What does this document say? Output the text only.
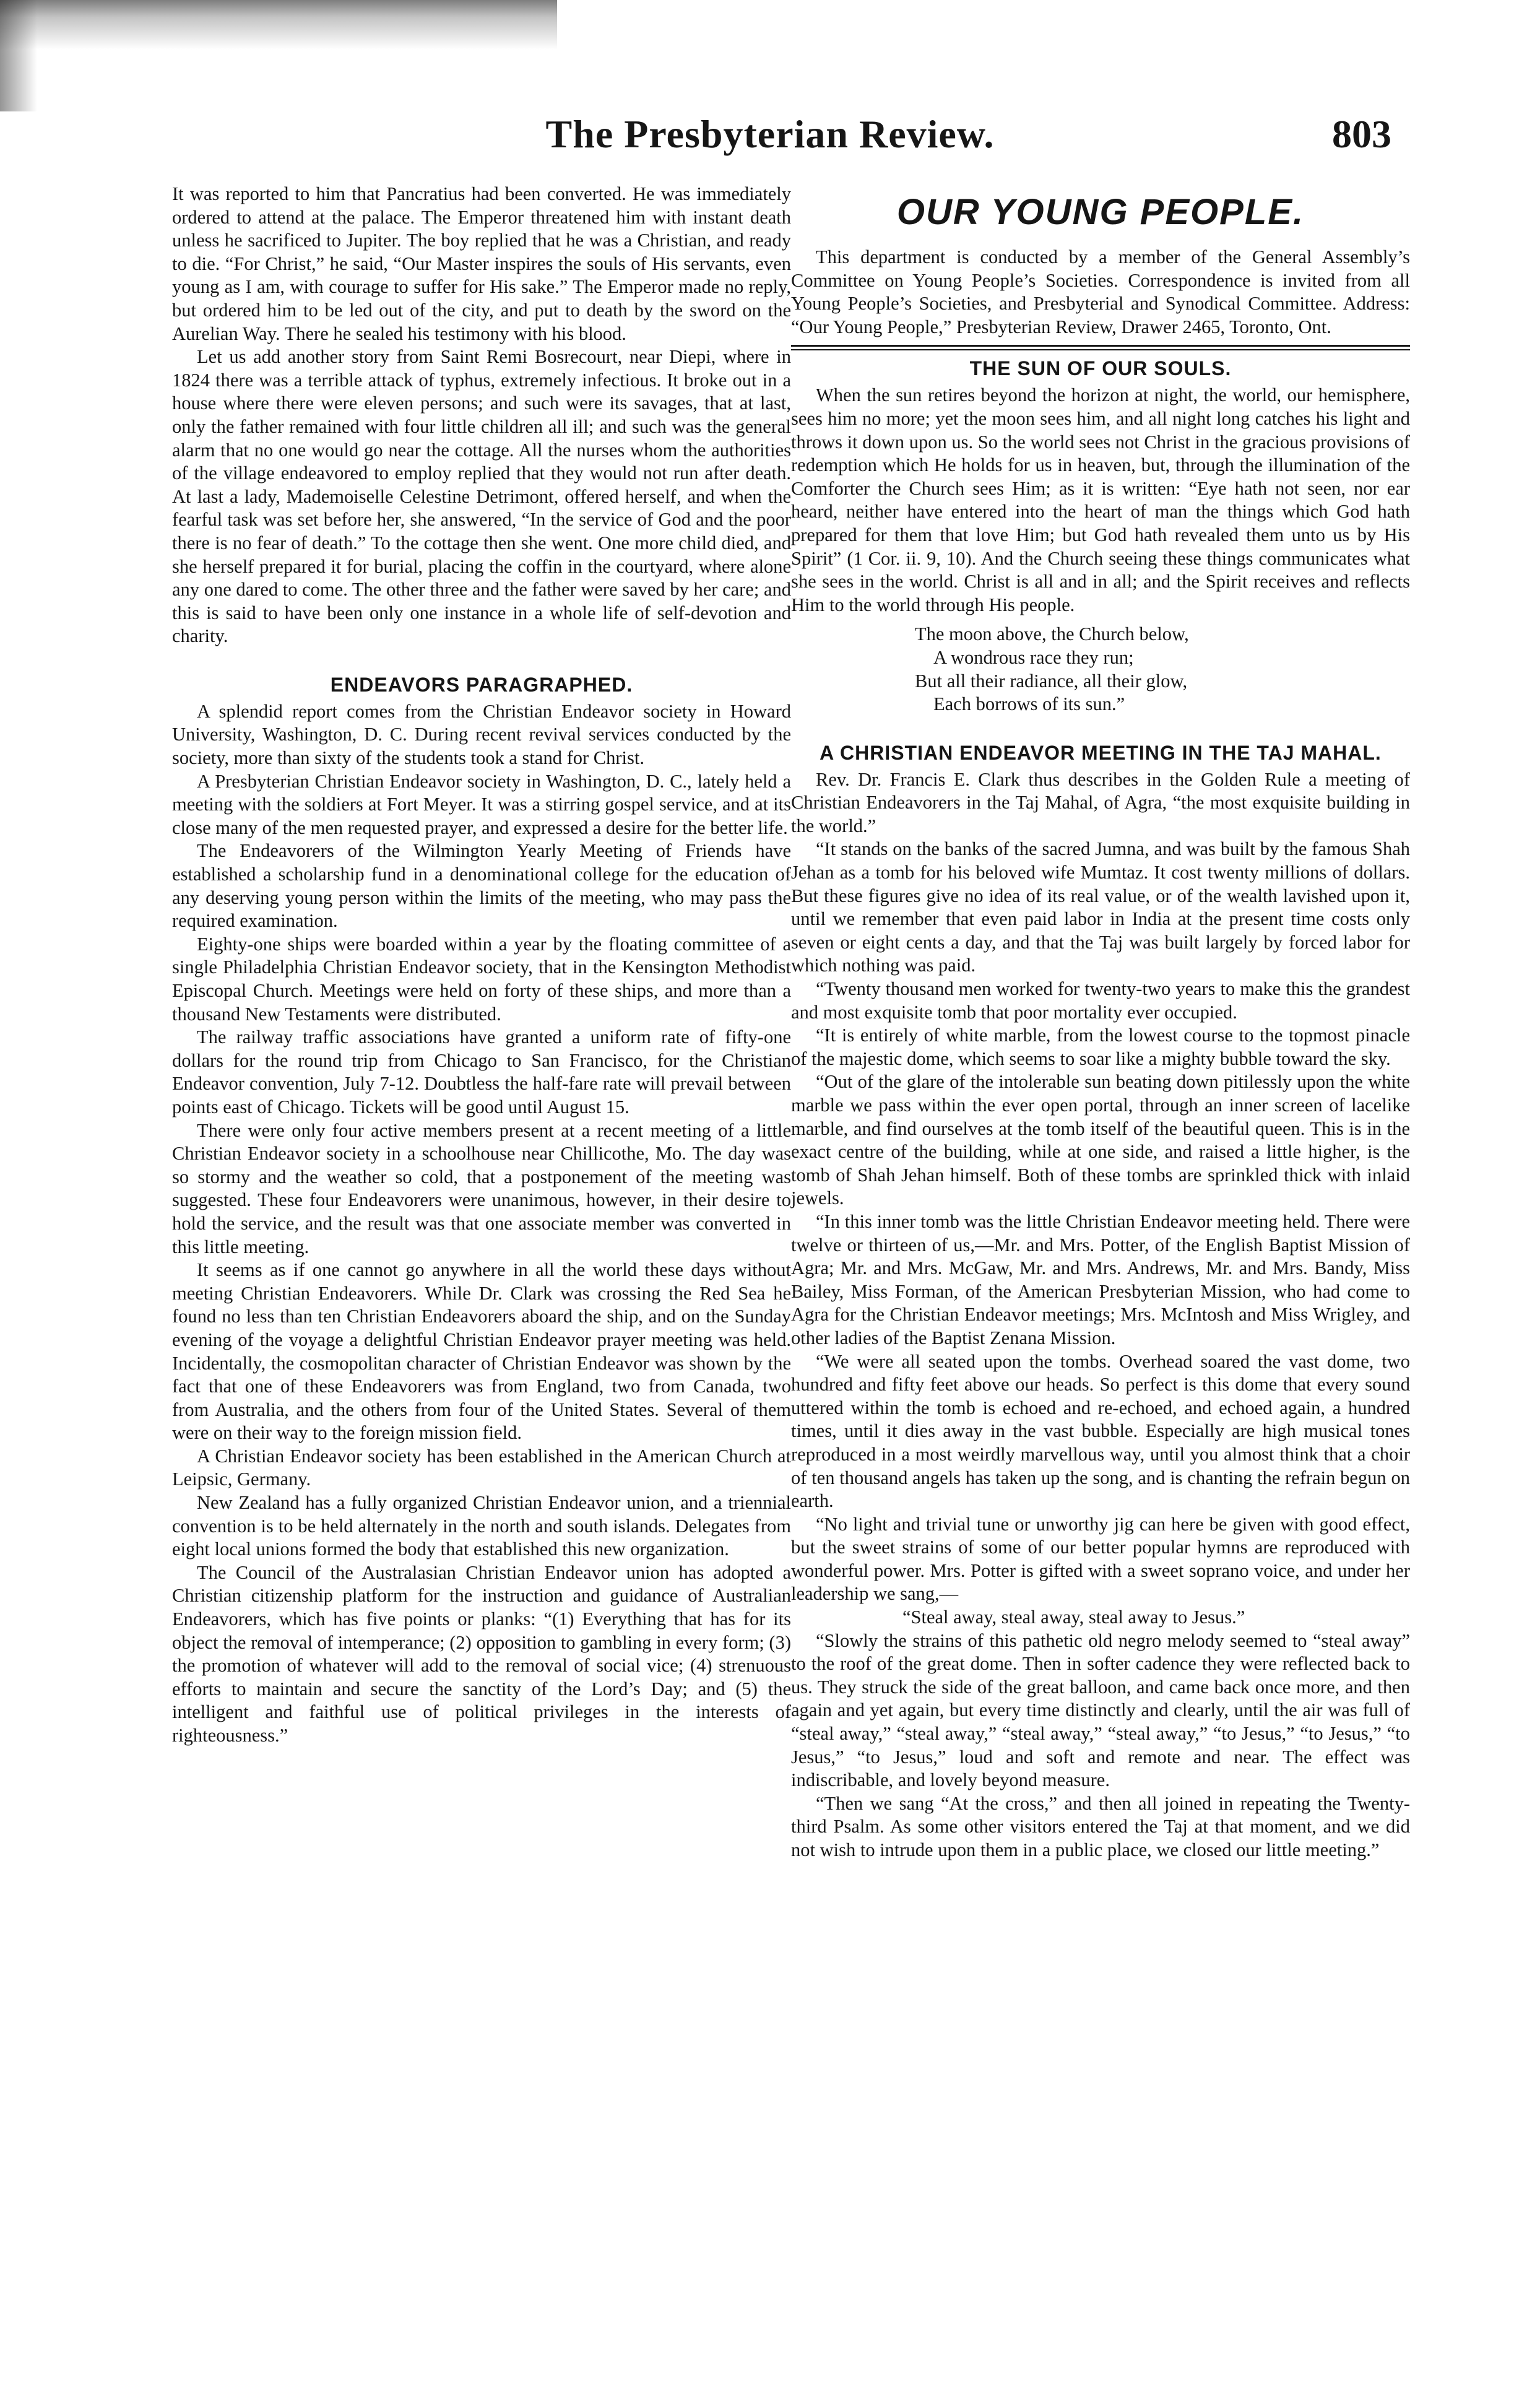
The Presbyterian Review.	803

It was reported to him that Pancratius had been converted. He was immediately ordered to attend at the palace. The Emperor threatened him with instant death unless he sacrificed to Jupiter. The boy replied that he was a Christian, and ready to die. “For Christ,” he said, “Our Master inspires the souls of His servants, even young as I am, with courage to suffer for His sake.” The Emperor made no reply, but ordered him to be led out of the city, and put to death by the sword on the Aurelian Way. There he sealed his testimony with his blood.

Let us add another story from Saint Remi Bosrecourt, near Diepi, where in 1824 there was a terrible attack of typhus, extremely infectious. It broke out in a house where there were eleven persons; and such were its savages, that at last, only the father remained with four little children all ill; and such was the general alarm that no one would go near the cottage. All the nurses whom the authorities of the village endeavored to employ replied that they would not run after death. At last a lady, Mademoiselle Celestine Detrimont, offered herself, and when the fearful task was set before her, she answered, “In the service of God and the poor there is no fear of death.” To the cottage then she went. One more child died, and she herself prepared it for burial, placing the coffin in the courtyard, where alone any one dared to come. The other three and the father were saved by her care; and this is said to have been only one instance in a whole life of self-devotion and charity.

ENDEAVORS PARAGRAPHED.

A splendid report comes from the Christian Endeavor society in Howard University, Washington, D. C. During recent revival services conducted by the society, more than sixty of the students took a stand for Christ.

A Presbyterian Christian Endeavor society in Washington, D. C., lately held a meeting with the soldiers at Fort Meyer. It was a stirring gospel service, and at its close many of the men requested prayer, and expressed a desire for the better life.

The Endeavorers of the Wilmington Yearly Meeting of Friends have established a scholarship fund in a denominational college for the education of any deserving young person within the limits of the meeting, who may pass the required examination.

Eighty-one ships were boarded within a year by the floating committee of a single Philadelphia Christian Endeavor society, that in the Kensington Methodist Episcopal Church. Meetings were held on forty of these ships, and more than a thousand New Testaments were distributed.

The railway traffic associations have granted a uniform rate of fifty-one dollars for the round trip from Chicago to San Francisco, for the Christian Endeavor convention, July 7-12. Doubtless the half-fare rate will prevail between points east of Chicago. Tickets will be good until August 15.

There were only four active members present at a recent meeting of a little Christian Endeavor society in a schoolhouse near Chillicothe, Mo. The day was so stormy and the weather so cold, that a postponement of the meeting was suggested. These four Endeavorers were unanimous, however, in their desire to hold the service, and the result was that one associate member was converted in this little meeting.

It seems as if one cannot go anywhere in all the world these days without meeting Christian Endeavorers. While Dr. Clark was crossing the Red Sea he found no less than ten Christian Endeavorers aboard the ship, and on the Sunday evening of the voyage a delightful Christian Endeavor prayer meeting was held. Incidentally, the cosmopolitan character of Christian Endeavor was shown by the fact that one of these Endeavorers was from England, two from Canada, two from Australia, and the others from four of the United States. Several of them were on their way to the foreign mission field.

A Christian Endeavor society has been established in the American Church at Leipsic, Germany.

New Zealand has a fully organized Christian Endeavor union, and a triennial convention is to be held alternately in the north and south islands. Delegates from eight local unions formed the body that established this new organization.

The Council of the Australasian Christian Endeavor union has adopted a Christian citizenship platform for the instruction and guidance of Australian Endeavorers, which has five points or planks: “(1) Everything that has for its object the removal of intemperance; (2) opposition to gambling in every form; (3) the promotion of whatever will add to the removal of social vice; (4) strenuous efforts to maintain and secure the sanctity of the Lord’s Day; and (5) the intelligent and faithful use of political privileges in the interests of righteousness.”

OUR YOUNG PEOPLE.

This department is conducted by a member of the General Assembly’s Committee on Young People’s Societies. Correspondence is invited from all Young People’s Societies, and Presbyterial and Synodical Committee. Address: “Our Young People,” Presbyterian Review, Drawer 2465, Toronto, Ont.

THE SUN OF OUR SOULS.

When the sun retires beyond the horizon at night, the world, our hemisphere, sees him no more; yet the moon sees him, and all night long catches his light and throws it down upon us. So the world sees not Christ in the gracious provisions of redemption which He holds for us in heaven, but, through the illumination of the Comforter the Church sees Him; as it is written: “Eye hath not seen, nor ear heard, neither have entered into the heart of man the things which God hath prepared for them that love Him; but God hath revealed them unto us by His Spirit” (1 Cor. ii. 9, 10). And the Church seeing these things communicates what she sees in the world. Christ is all and in all; and the Spirit receives and reflects Him to the world through His people.

The moon above, the Church below,
A wondrous race they run;
But all their radiance, all their glow,
Each borrows of its sun.”
A CHRISTIAN ENDEAVOR MEETING IN THE TAJ MAHAL.

Rev. Dr. Francis E. Clark thus describes in the Golden Rule a meeting of Christian Endeavorers in the Taj Mahal, of Agra, “the most exquisite building in the world.”

“It stands on the banks of the sacred Jumna, and was built by the famous Shah Jehan as a tomb for his beloved wife Mumtaz. It cost twenty millions of dollars. But these figures give no idea of its real value, or of the wealth lavished upon it, until we remember that even paid labor in India at the present time costs only seven or eight cents a day, and that the Taj was built largely by forced labor for which nothing was paid.

“Twenty thousand men worked for twenty-two years to make this the grandest and most exquisite tomb that poor mortality ever occupied.

“It is entirely of white marble, from the lowest course to the topmost pinacle of the majestic dome, which seems to soar like a mighty bubble toward the sky.

“Out of the glare of the intolerable sun beating down pitilessly upon the white marble we pass within the ever open portal, through an inner screen of lacelike marble, and find ourselves at the tomb itself of the beautiful queen. This is in the exact centre of the building, while at one side, and raised a little higher, is the tomb of Shah Jehan himself. Both of these tombs are sprinkled thick with inlaid jewels.

“In this inner tomb was the little Christian Endeavor meeting held. There were twelve or thirteen of us,—Mr. and Mrs. Potter, of the English Baptist Mission of Agra; Mr. and Mrs. McGaw, Mr. and Mrs. Andrews, Mr. and Mrs. Bandy, Miss Bailey, Miss Forman, of the American Presbyterian Mission, who had come to Agra for the Christian Endeavor meetings; Mrs. McIntosh and Miss Wrigley, and other ladies of the Baptist Zenana Mission.

“We were all seated upon the tombs. Overhead soared the vast dome, two hundred and fifty feet above our heads. So perfect is this dome that every sound uttered within the tomb is echoed and re-echoed, and echoed again, a hundred times, until it dies away in the vast bubble. Especially are high musical tones reproduced in a most weirdly marvellous way, until you almost think that a choir of ten thousand angels has taken up the song, and is chanting the refrain begun on earth.

“No light and trivial tune or unworthy jig can here be given with good effect, but the sweet strains of some of our better popular hymns are reproduced with wonderful power. Mrs. Potter is gifted with a sweet soprano voice, and under her leadership we sang,—

“Steal away, steal away, steal away to Jesus.”

“Slowly the strains of this pathetic old negro melody seemed to “steal away” to the roof of the great dome. Then in softer cadence they were reflected back to us. They struck the side of the great balloon, and came back once more, and then again and yet again, but every time distinctly and clearly, until the air was full of “steal away,” “steal away,” “steal away,” “steal away,” “to Jesus,” “to Jesus,” “to Jesus,” “to Jesus,” loud and soft and remote and near. The effect was indiscribable, and lovely beyond measure.

“Then we sang “At the cross,” and then all joined in repeating the Twenty-third Psalm. As some other visitors entered the Taj at that moment, and we did not wish to intrude upon them in a public place, we closed our little meeting.”
